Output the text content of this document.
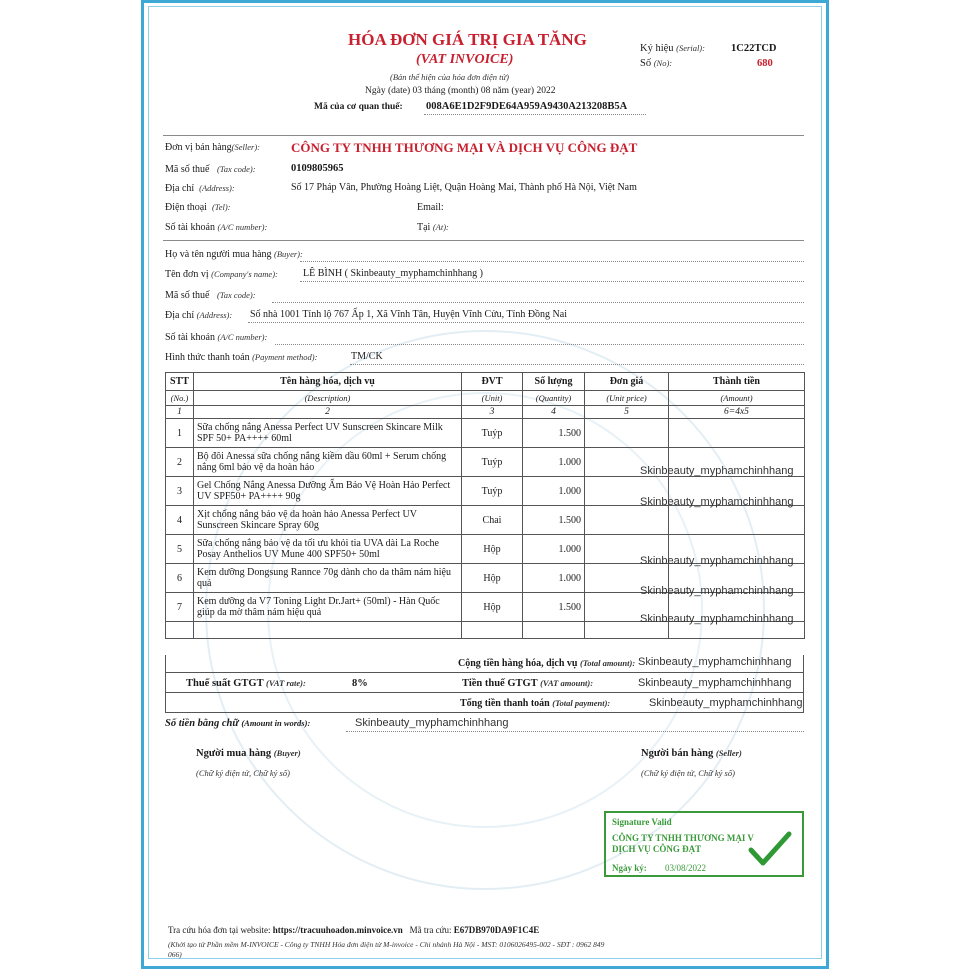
HÓA ĐƠN GIÁ TRỊ GIA TĂNG
(VAT INVOICE)
(Bản thể hiện của hóa đơn điện tử)
Ngày (date) 03 tháng (month) 08 năm (year) 2022
Mã của cơ quan thuế: 008A6E1D2F9DE64A959A9430A213208B5A
Ký hiệu (Serial): 1C22TCD
Số (No):	680
Đơn vị bán hàng(Seller): CÔNG TY TNHH THƯƠNG MẠI VÀ DỊCH VỤ CÔNG ĐẠT
Mã số thuế (Tax code):	0109805965
Địa chỉ (Address):	Số 17 Pháp Vân, Phường Hoàng Liệt, Quận Hoàng Mai, Thành phố Hà Nội, Việt Nam
Điện thoại (Tel):	Email:
Số tài khoản (A/C number):	Tại (At):
Họ và tên người mua hàng (Buyer):
Tên đơn vị (Company's name):	LÊ BÌNH ( Skinbeauty_myphamchinhhang )
Mã số thuế (Tax code):
Địa chỉ (Address): Số nhà 1001 Tỉnh lộ 767 Ấp 1, Xã Vĩnh Tân, Huyện Vĩnh Cửu, Tỉnh Đồng Nai
Số tài khoản (A/C number):
Hình thức thanh toán (Payment method):	TM/CK
STT	Tên hàng hóa, dịch vụ	ĐVT	Số lượng	Đơn giá	Thành tiền
(No.)	(Description)	(Unit)	(Quantity)	(Unit price)	(Amount)
1	2	3	4	5	6=4x5
1	Sữa chống nắng Anessa Perfect UV Sunscreen Skincare Milk SPF 50+ PA++++ 60ml	Tuýp	1.500		
2	Bộ đôi Anessa sữa chống nắng kiềm dầu 60ml + Serum chống nắng 6ml bảo vệ da hoàn hảo	Tuýp	1.000		
3	Gel Chống Nắng Anessa Dưỡng Ẩm Bảo Vệ Hoàn Hảo Perfect UV SPF50+ PA++++ 90g	Tuýp	1.000		
4	Xịt chống nắng bảo vệ da hoàn hảo Anessa Perfect UV Sunscreen Skincare Spray 60g	Chai	1.500		
5	Sữa chống nắng bảo vệ da tối ưu khỏi tia UVA dài La Roche Posay Anthelios UV Mune 400 SPF50+ 50ml	Hộp	1.000		
6	Kem dưỡng Dongsung Rannce 70g dành cho da thâm nám hiệu quả	Hộp	1.000		
7	Kem dưỡng da V7 Toning Light Dr.Jart+ (50ml) - Hàn Quốc giúp da mờ thâm nám hiệu quả	Hộp	1.500		

Skinbeauty_myphamchinhhang
Skinbeauty_myphamchinhhang
Skinbeauty_myphamchinhhang
Skinbeauty_myphamchinhhang
Skinbeauty_myphamchinhhang
Cộng tiền hàng hóa, dịch vụ (Total amount): Skinbeauty_myphamchinhhang
Thuế suất GTGT (VAT rate):	8%	Tiền thuế GTGT (VAT amount):	Skinbeauty_myphamchinhhang
Tổng tiền thanh toán (Total payment):	Skinbeauty_myphamchinhhang
Số tiền bằng chữ (Amount in words):	Skinbeauty_myphamchinhhang
Người mua hàng (Buyer)
(Chữ ký điện tử, Chữ ký số)
Người bán hàng (Seller)
(Chữ ký điện tử, Chữ ký số)
Signature Valid
CÔNG TY TNHH THƯƠNG MẠI V
DỊCH VỤ CÔNG ĐẠT
Ngày ký: 03/08/2022
Tra cứu hóa đơn tại website: https://tracuuhoadon.minvoice.vn Mã tra cứu: E67DB970DA9F1C4E
(Khởi tạo từ Phần mềm M-INVOICE - Công ty TNHH Hóa đơn điện tử M-invoice - Chi nhánh Hà Nội - MST: 0106026495-002 - SĐT : 0962 849
066)
